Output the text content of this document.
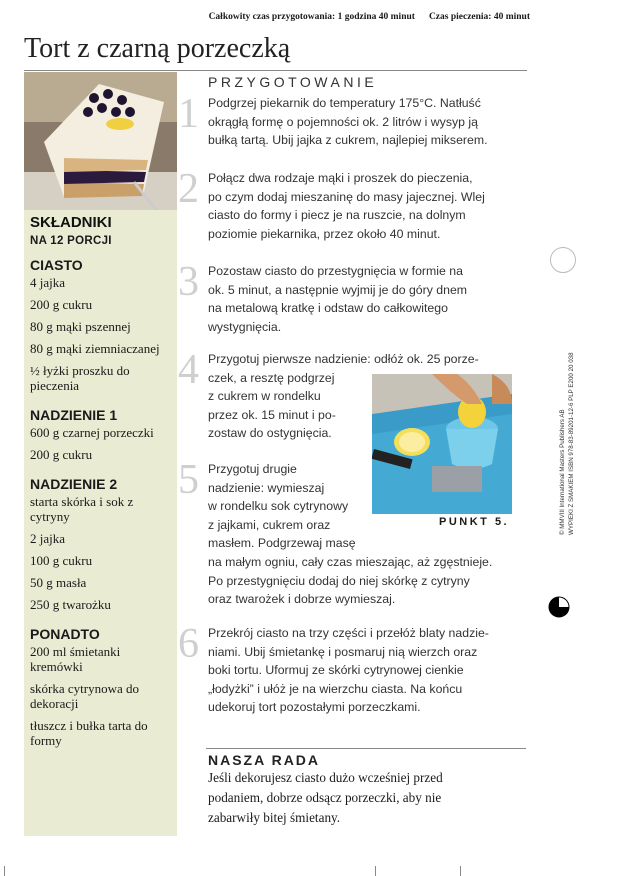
Całkowity czas przygotowania: 1 godzina 40 minut Czas pieczenia: 40 minut
Tort z czarną porzeczką
SKŁADNIKI
NA 12 PORCJI
CIASTO
4 jajka
200 g cukru
80 g mąki pszennej
80 g mąki ziemniaczanej
½ łyżki proszku do pieczenia
NADZIENIE 1
600 g czarnej porzeczki
200 g cukru
NADZIENIE 2
starta skórka i sok z cytryny
2 jajka
100 g cukru
50 g masła
250 g twarożku
PONADTO
200 ml śmietanki kremówki
skórka cytrynowa do dekoracji
tłuszcz i bułka tarta do formy
PRZYGOTOWANIE
1 Podgrzej piekarnik do temperatury 175°C. Natłuść
okrągłą formę o pojemności ok. 2 litrów i wysyp ją
bułką tartą. Ubij jajka z cukrem, najlepiej mikserem.
2 Połącz dwa rodzaje mąki i proszek do pieczenia,
po czym dodaj mieszaninę do masy jajecznej. Wlej
ciasto do formy i piecz je na ruszcie, na dolnym
poziomie piekarnika, przez około 40 minut.
3 Pozostaw ciasto do przestygnięcia w formie na
ok. 5 minut, a następnie wyjmij je do góry dnem
na metalową kratkę i odstaw do całkowitego
wystygnięcia.
4 Przygotuj pierwsze nadzienie: odłóż ok. 25 porze-
czek, a resztę podgrzej
z cukrem w rondelku
przez ok. 15 minut i po-
zostaw do ostygnięcia.
5 Przygotuj drugie
nadzienie: wymieszaj
w rondelku sok cytrynowy
z jajkami, cukrem oraz
masłem. Podgrzewaj masę
na małym ogniu, cały czas mieszając, aż zgęstnieje.
Po przestygnięciu dodaj do niej skórkę z cytryny
oraz twarożek i dobrze wymieszaj.
6 Przekrój ciasto na trzy części i przełóż blaty nadzie-
niami. Ubij śmietankę i posmaruj nią wierzch oraz
boki tortu. Uformuj ze skórki cytrynowej cienkie
„łodyżki” i ułóż je na wierzchu ciasta. Na końcu
udekoruj tort pozostałymi porzeczkami.
PUNKT 5.
NASZA RADA
Jeśli dekorujesz ciasto dużo wcześniej przed
podaniem, dobrze odsącz porzeczki, aby nie
zabarwiły bitej śmietany.
© MMVIII International Masters Publishers AB WYPIEKI Z SMAKIEM ISBN 978-83-89201-12-6 PLP E200 20 038
